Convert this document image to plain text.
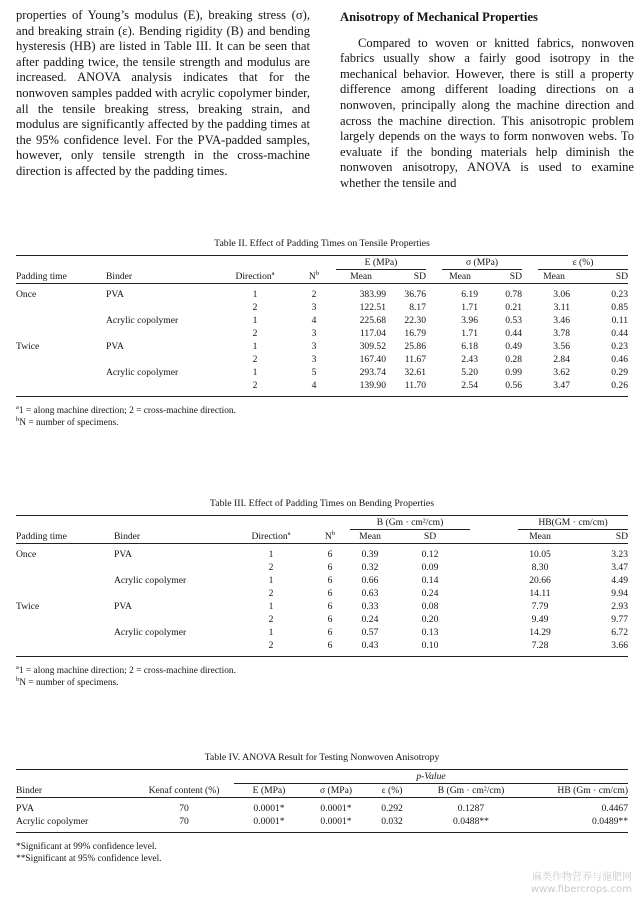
properties of Young’s modulus (E), breaking stress (σ), and breaking strain (ε). Bending rigidity (B) and bending hysteresis (HB) are listed in Table III. It can be seen that after padding twice, the tensile strength and modulus are increased. ANOVA analysis indicates that for the nonwoven samples padded with acrylic copolymer binder, all the tensile breaking stress, breaking strain, and modulus are significantly affected by the padding times at the 95% confidence level. For the PVA-padded samples, however, only tensile strength in the cross-machine direction is affected by the padding times.

Anisotropy of Mechanical Properties

Compared to woven or knitted fabrics, nonwoven fabrics usually show a fairly good isotropy in the mechanical behavior. However, there is still a property difference among different loading directions on a nonwoven, principally along the machine direction and across the machine direction. This anisotropic problem largely depends on the ways to form nonwoven webs. To evaluate if the bonding materials help diminish the nonwoven anisotropy, ANOVA is used to examine whether the tensile and

Table II. Effect of Padding Times on Tensile Properties
				E (MPa)			σ (MPa)			ε (%)	
Padding time	Binder	Direction$^a$	$N^b$	Mean	SD		Mean	SD		Mean	SD

Once	PVA	1	2	383.99	36.76		6.19	0.78		3.06	0.23
		2	3	122.51	8.17		1.71	0.21		3.11	0.85
	Acrylic copolymer	1	4	225.68	22.30		3.96	0.53		3.46	0.11
		2	3	117.04	16.79		1.71	0.44		3.78	0.44
Twice	PVA	1	3	309.52	25.86		6.18	0.49		3.56	0.23
		2	3	167.40	11.67		2.43	0.28		2.84	0.46
	Acrylic copolymer	1	5	293.74	32.61		5.20	0.99		3.62	0.29
		2	4	139.90	11.70		2.54	0.56		3.47	0.26

$^a$1 = along machine direction; 2 = cross-machine direction.
$^b$N = number of specimens.
Table III. Effect of Padding Times on Bending Properties
				B (Gm · cm²/cm)			HB(GM · cm/cm)	
Padding time	Binder	Direction$^a$	$N^b$	Mean	SD		Mean	SD

Once	PVA	1	6	0.39	0.12		10.05	3.23
		2	6	0.32	0.09		8.30	3.47
	Acrylic copolymer	1	6	0.66	0.14		20.66	4.49
		2	6	0.63	0.24		14.11	9.94
Twice	PVA	1	6	0.33	0.08		7.79	2.93
		2	6	0.24	0.20		9.49	9.77
	Acrylic copolymer	1	6	0.57	0.13		14.29	6.72
		2	6	0.43	0.10		7.28	3.66

$^a$1 = along machine direction; 2 = cross-machine direction.
$^b$N = number of specimens.
Table IV. ANOVA Result for Testing Nonwoven Anisotropy
		p-Value				
Binder	Kenaf content (%)	E (MPa)	σ (MPa)	ε (%)	B (Gm · cm²/cm)	HB (Gm · cm/cm)

PVA	70	0.0001*	0.0001*	0.292	0.1287	0.4467
Acrylic copolymer	70	0.0001*	0.0001*	0.032	0.0488**	0.0489**

*Significant at 99% confidence level.
**Significant at 95% confidence level.
麻类作物营养与施肥网
www.fibercrops.com
